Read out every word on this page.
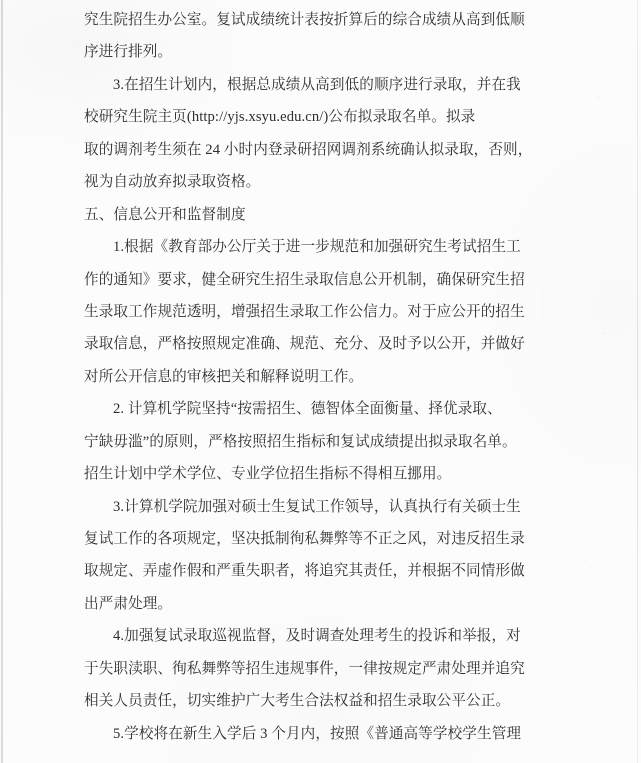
究生院招生办公室。复试成绩统计表按折算后的综合成绩从高到低顺
序进行排列。
3.在招生计划内，根据总成绩从高到低的顺序进行录取，并在我
校研究生院主页(http://yjs.xsyu.edu.cn/)公布拟录取名单。拟录
取的调剂考生须在 24 小时内登录研招网调剂系统确认拟录取，否则，
视为自动放弃拟录取资格。
五、信息公开和监督制度
1.根据《教育部办公厅关于进一步规范和加强研究生考试招生工
作的通知》要求，健全研究生招生录取信息公开机制，确保研究生招
生录取工作规范透明，增强招生录取工作公信力。对于应公开的招生
录取信息，严格按照规定准确、规范、充分、及时予以公开，并做好
对所公开信息的审核把关和解释说明工作。
2. 计算机学院坚持“按需招生、德智体全面衡量、择优录取、
宁缺毋滥”的原则，严格按照招生指标和复试成绩提出拟录取名单。
招生计划中学术学位、专业学位招生指标不得相互挪用。
3.计算机学院加强对硕士生复试工作领导，认真执行有关硕士生
复试工作的各项规定，坚决抵制徇私舞弊等不正之风，对违反招生录
取规定、弄虚作假和严重失职者，将追究其责任，并根据不同情形做
出严肃处理。
4.加强复试录取巡视监督，及时调查处理考生的投诉和举报，对
于失职渎职、徇私舞弊等招生违规事件，一律按规定严肃处理并追究
相关人员责任，切实维护广大考生合法权益和招生录取公平公正。
5.学校将在新生入学后 3 个月内，按照《普通高等学校学生管理
